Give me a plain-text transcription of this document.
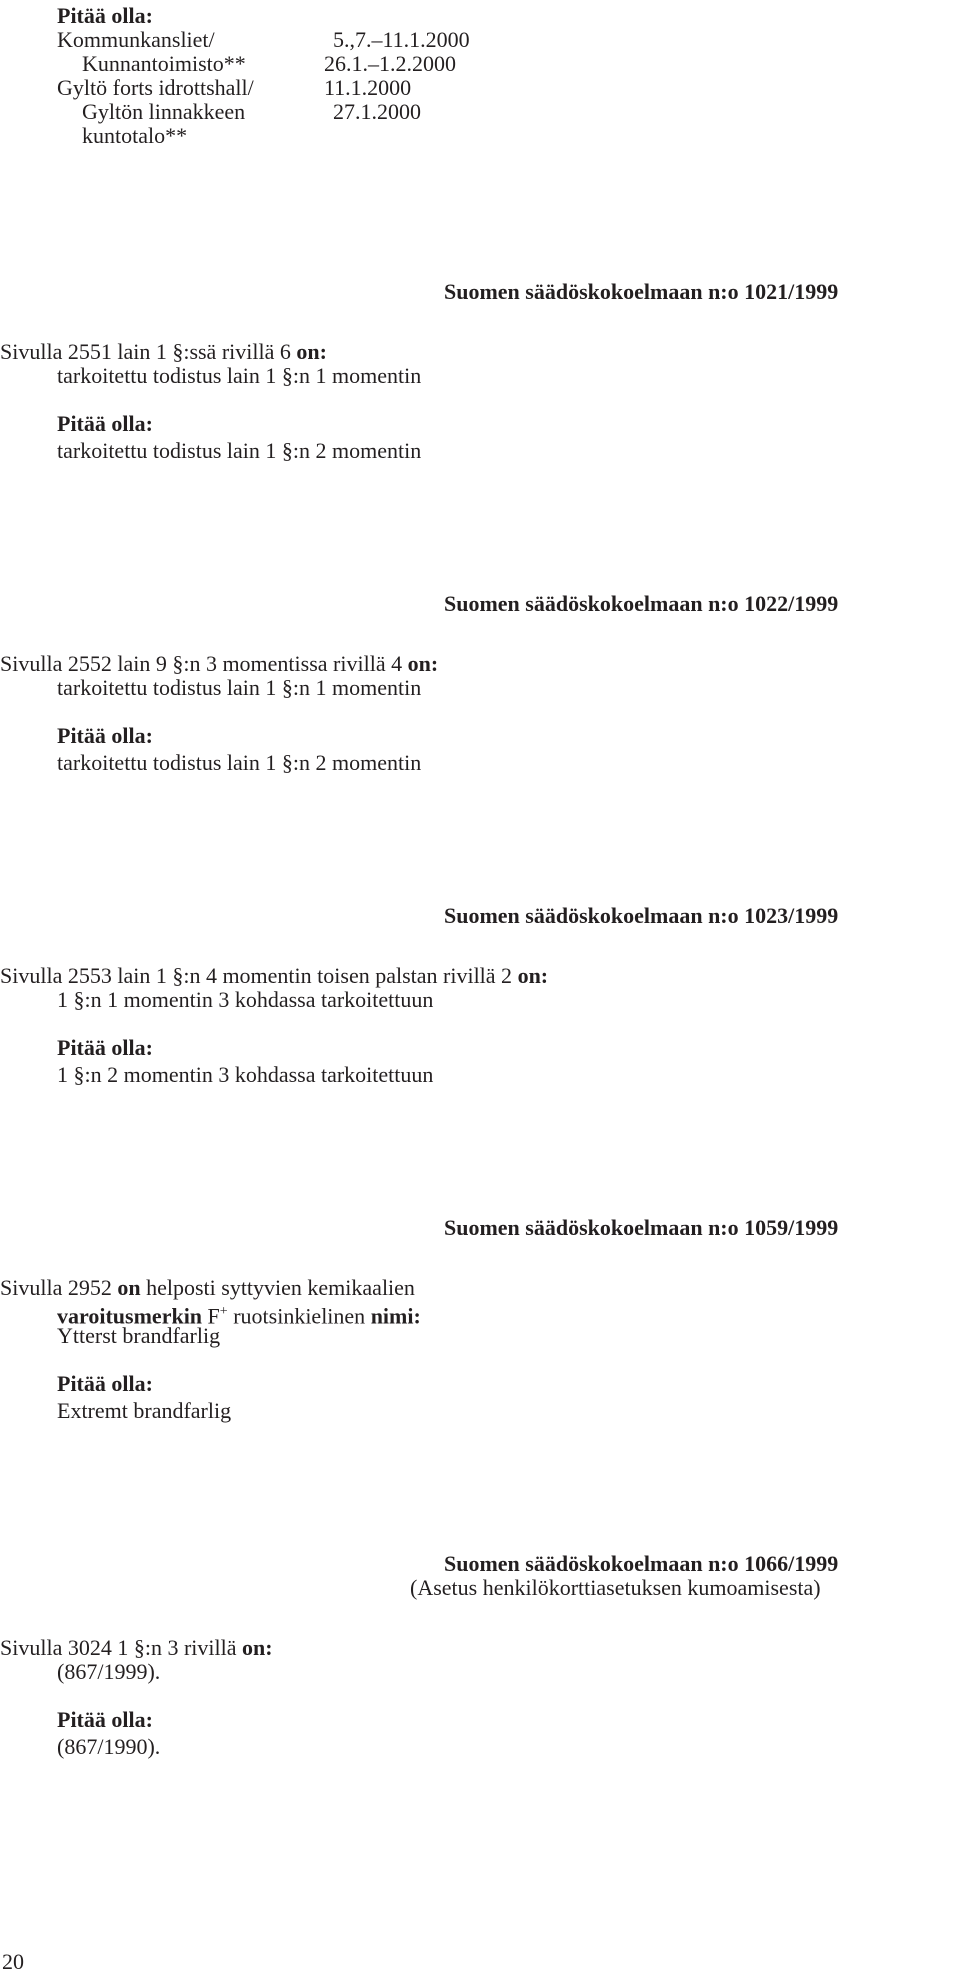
Pitää olla:
Kommunkansliet/	5.,7.–11.1.2000
Kunnantoimisto**	26.1.–1.2.2000
Gyltö forts idrottshall/	11.1.2000
Gyltön linnakkeen	27.1.2000
kuntotalo**
Suomen säädöskokoelmaan n:o 1021/1999
Sivulla 2551 lain 1 §:ssä rivillä 6 on:
tarkoitettu todistus lain 1 §:n 1 momentin
Pitää olla:
tarkoitettu todistus lain 1 §:n 2 momentin
Suomen säädöskokoelmaan n:o 1022/1999
Sivulla 2552 lain 9 §:n 3 momentissa rivillä 4 on:
tarkoitettu todistus lain 1 §:n 1 momentin
Pitää olla:
tarkoitettu todistus lain 1 §:n 2 momentin
Suomen säädöskokoelmaan n:o 1023/1999
Sivulla 2553 lain 1 §:n 4 momentin toisen palstan rivillä 2 on:
1 §:n 1 momentin 3 kohdassa tarkoitettuun
Pitää olla:
1 §:n 2 momentin 3 kohdassa tarkoitettuun
Suomen säädöskokoelmaan n:o 1059/1999
Sivulla 2952 on helposti syttyvien kemikaalien
varoitusmerkin F+ ruotsinkielinen nimi:
Ytterst brandfarlig
Pitää olla:
Extremt brandfarlig
Suomen säädöskokoelmaan n:o 1066/1999
(Asetus henkilökorttiasetuksen kumoamisesta)
Sivulla 3024 1 §:n 3 rivillä on:
(867/1999).
Pitää olla:
(867/1990).
20
